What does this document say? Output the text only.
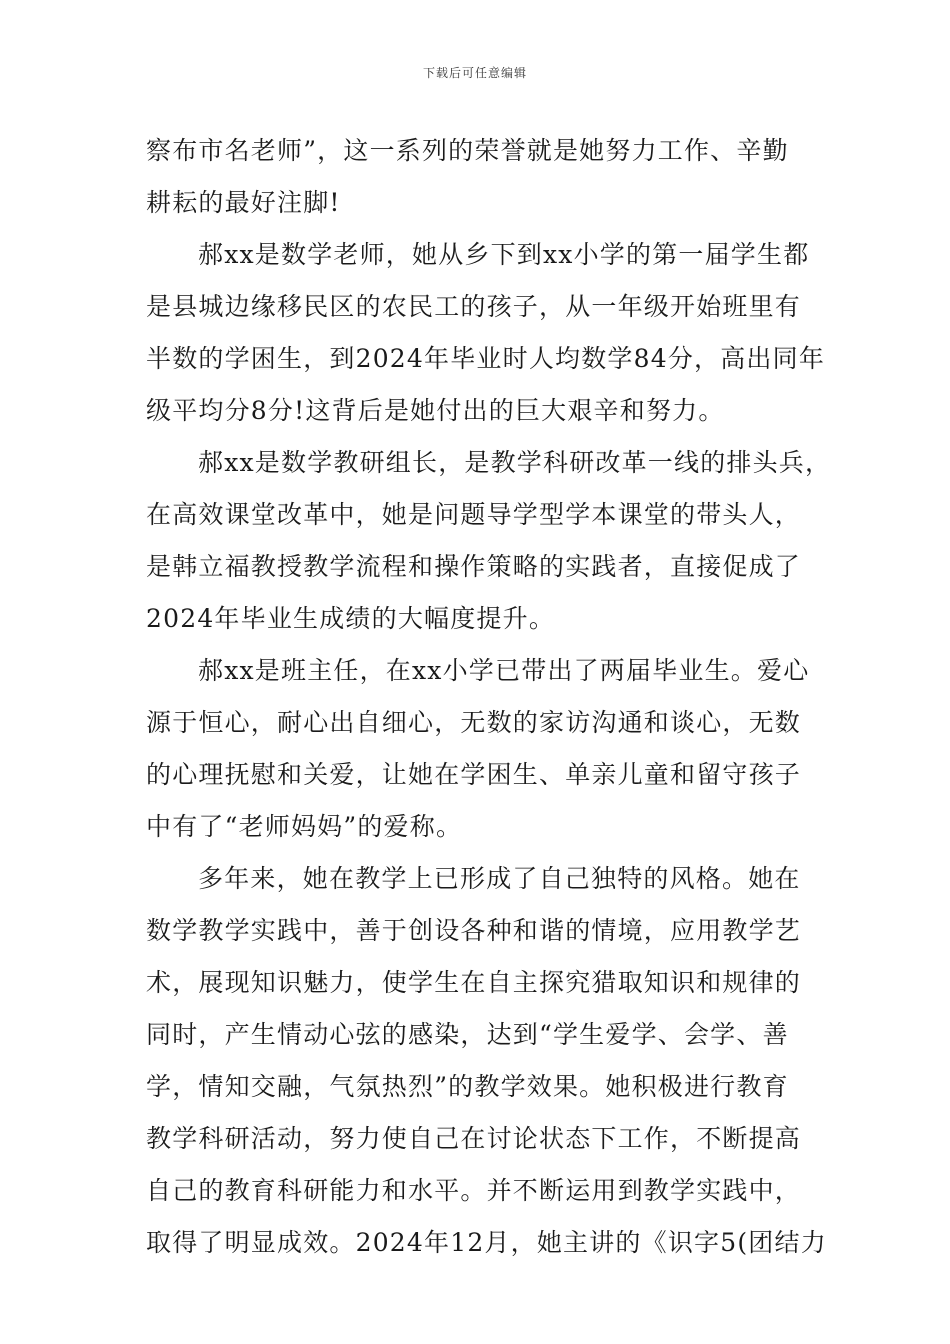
下载后可任意编辑
察布市名老师”，这一系列的荣誉就是她努力工作、辛勤
耕耘的最好注脚!
郝xx是数学老师，她从乡下到xx小学的第一届学生都
是县城边缘移民区的农民工的孩子，从一年级开始班里有
半数的学困生，到2024年毕业时人均数学84分，高出同年
级平均分8分!这背后是她付出的巨大艰辛和努力。
郝xx是数学教研组长，是教学科研改革一线的排头兵，
在高效课堂改革中，她是问题导学型学本课堂的带头人，
是韩立福教授教学流程和操作策略的实践者，直接促成了
2024年毕业生成绩的大幅度提升。
郝xx是班主任，在xx小学已带出了两届毕业生。爱心
源于恒心，耐心出自细心，无数的家访沟通和谈心，无数
的心理抚慰和关爱，让她在学困生、单亲儿童和留守孩子
中有了“老师妈妈”的爱称。
多年来，她在教学上已形成了自己独特的风格。她在
数学教学实践中，善于创设各种和谐的情境，应用教学艺
术，展现知识魅力，使学生在自主探究猎取知识和规律的
同时，产生情动心弦的感染，达到“学生爱学、会学、善
学，情知交融，气氛热烈”的教学效果。她积极进行教育
教学科研活动，努力使自己在讨论状态下工作，不断提高
自己的教育科研能力和水平。并不断运用到教学实践中，
取得了明显成效。2024年12月，她主讲的《识字5(团结力
